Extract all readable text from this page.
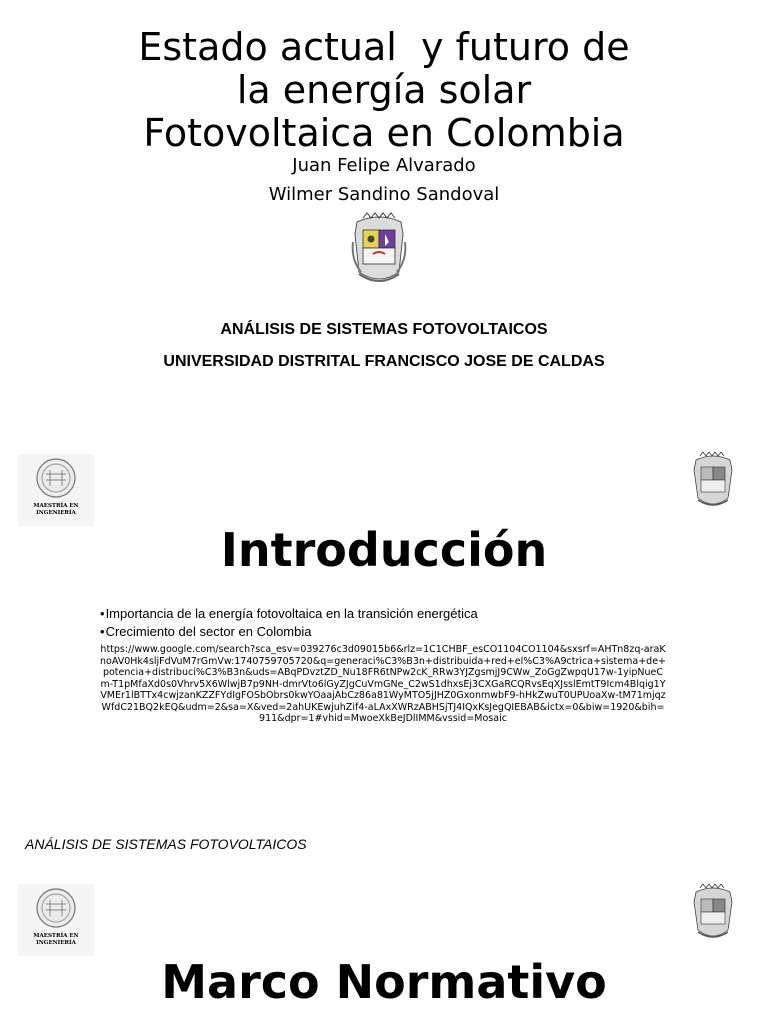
Estado actual  y futuro de
la energía solar
Fotovoltaica en Colombia
Juan Felipe Alvarado
Wilmer Sandino Sandoval
ANÁLISIS DE SISTEMAS FOTOVOLTAICOS
UNIVERSIDAD DISTRITAL FRANCISCO JOSE DE CALDAS
MAESTRÍA EN
INGENIERÍA
Introducción
• Importancia de la energía fotovoltaica en la transición energética
• Crecimiento del sector en Colombia
https://www.google.com/search?sca_esv=039276c3d09015b6&rlz=1C1CHBF_esCO1104CO1104&sxsrf=AHTn8zq-araKnoAV0Hk4sljFdVuM7rGmVw:1740759705720&q=generaci%C3%B3n+distribuida+red+el%C3%A9ctrica+sistema+de+potencia+distribuci%C3%B3n&uds=ABqPDvztZD_Nu18FR6tNPw2cK_RRw3YJZgsmjJ9CWw_ZoGgZwpqU17w-1yipNueCm-T1pMfaXd0s0Vhrv5X6WlwjB7p9NH-dmrVto6lGyZJgCuVmGNe_C2wS1dhxsEj3CXGaRCQRvsEqXJsslEmtT9Icm4Blqig1YVMEr1lBTTx4cwjzanKZZFYdIgFOSbObrs0kwYOaajAbCz86a81WyMTO5jJHZ0GxonmwbF9-hHkZwuT0UPUoaXw-tM71mjqzWfdC21BQ2kEQ&udm=2&sa=X&ved=2ahUKEwjuhZif4-aLAxXWRzABHSjTJ4IQxKsJegQIEBAB&ictx=0&biw=1920&bih=911&dpr=1#vhid=MwoeXkBeJDlIMM&vssid=Mosaic
ANÁLISIS DE SISTEMAS FOTOVOLTAICOS
MAESTRÍA EN
INGENIERÍA
Marco Normativo
